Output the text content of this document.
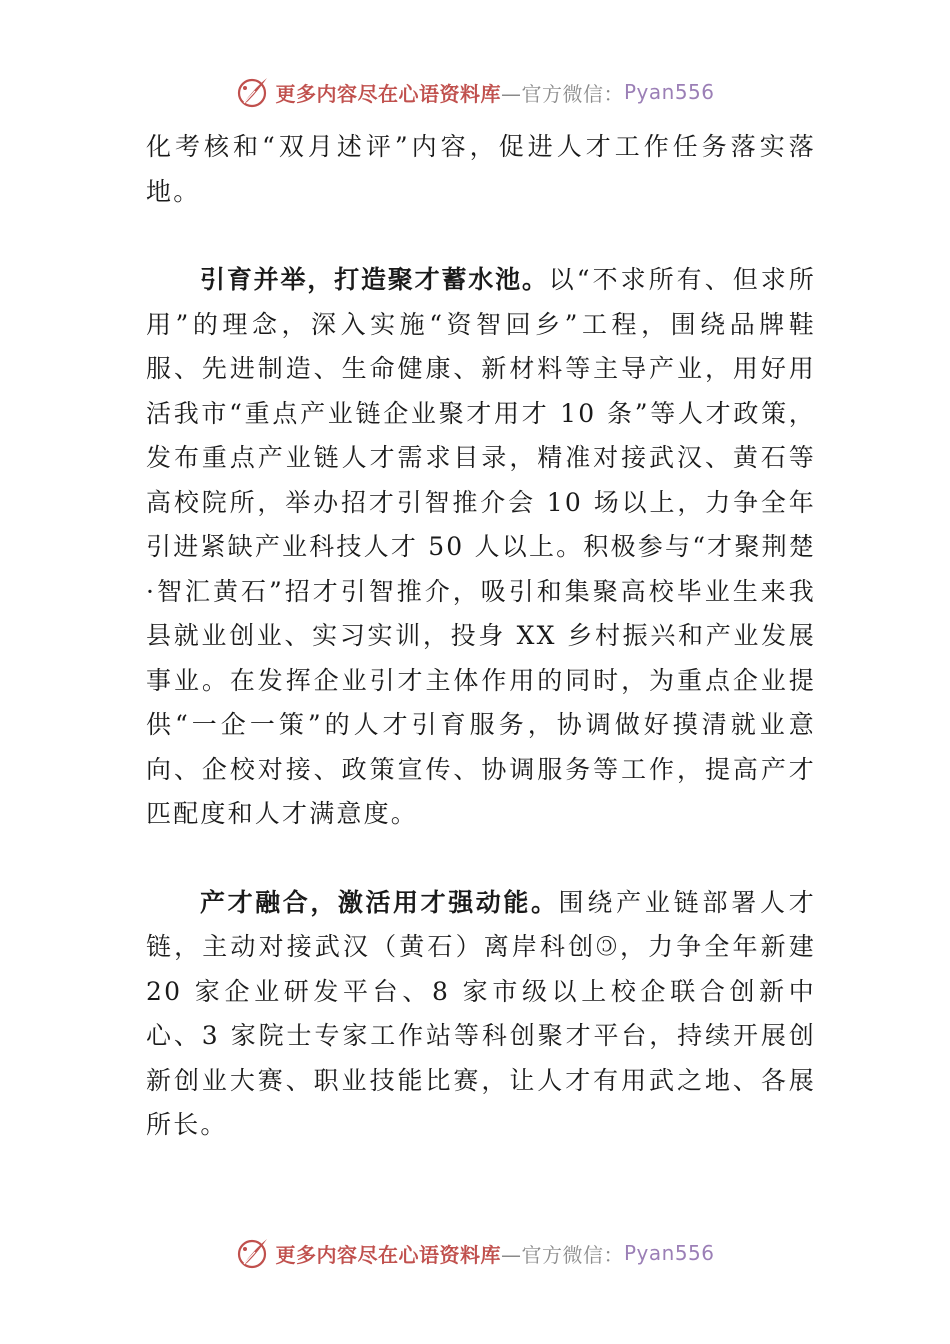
更多内容尽在心语资料库 —官方微信： Pyan556

化考核和“双月述评”内容，促进人才工作任务落实落地。

引育并举，打造聚才蓄水池。以“不求所有、但求所用”的理念，深入实施“资智回乡”工程，围绕品牌鞋服、先进制造、生命健康、新材料等主导产业，用好用活我市“重点产业链企业聚才用才 10 条”等人才政策，发布重点产业链人才需求目录，精准对接武汉、黄石等高校院所，举办招才引智推介会 10 场以上，力争全年引进紧缺产业科技人才 50 人以上。积极参与“才聚荆楚·智汇黄石”招才引智推介，吸引和集聚高校毕业生来我县就业创业、实习实训，投身 XX 乡村振兴和产业发展事业。在发挥企业引才主体作用的同时，为重点企业提供“一企一策”的人才引育服务，协调做好摸清就业意向、企校对接、政策宣传、协调服务等工作，提高产才匹配度和人才满意度。

产才融合，激活用才强动能。围绕产业链部署人才链，主动对接武汉（黄石）离岸科创🄯，力争全年新建 20 家企业研发平台、8 家市级以上校企联合创新中心、3 家院士专家工作站等科创聚才平台，持续开展创新创业大赛、职业技能比赛，让人才有用武之地、各展所长。

更多内容尽在心语资料库 —官方微信： Pyan556
